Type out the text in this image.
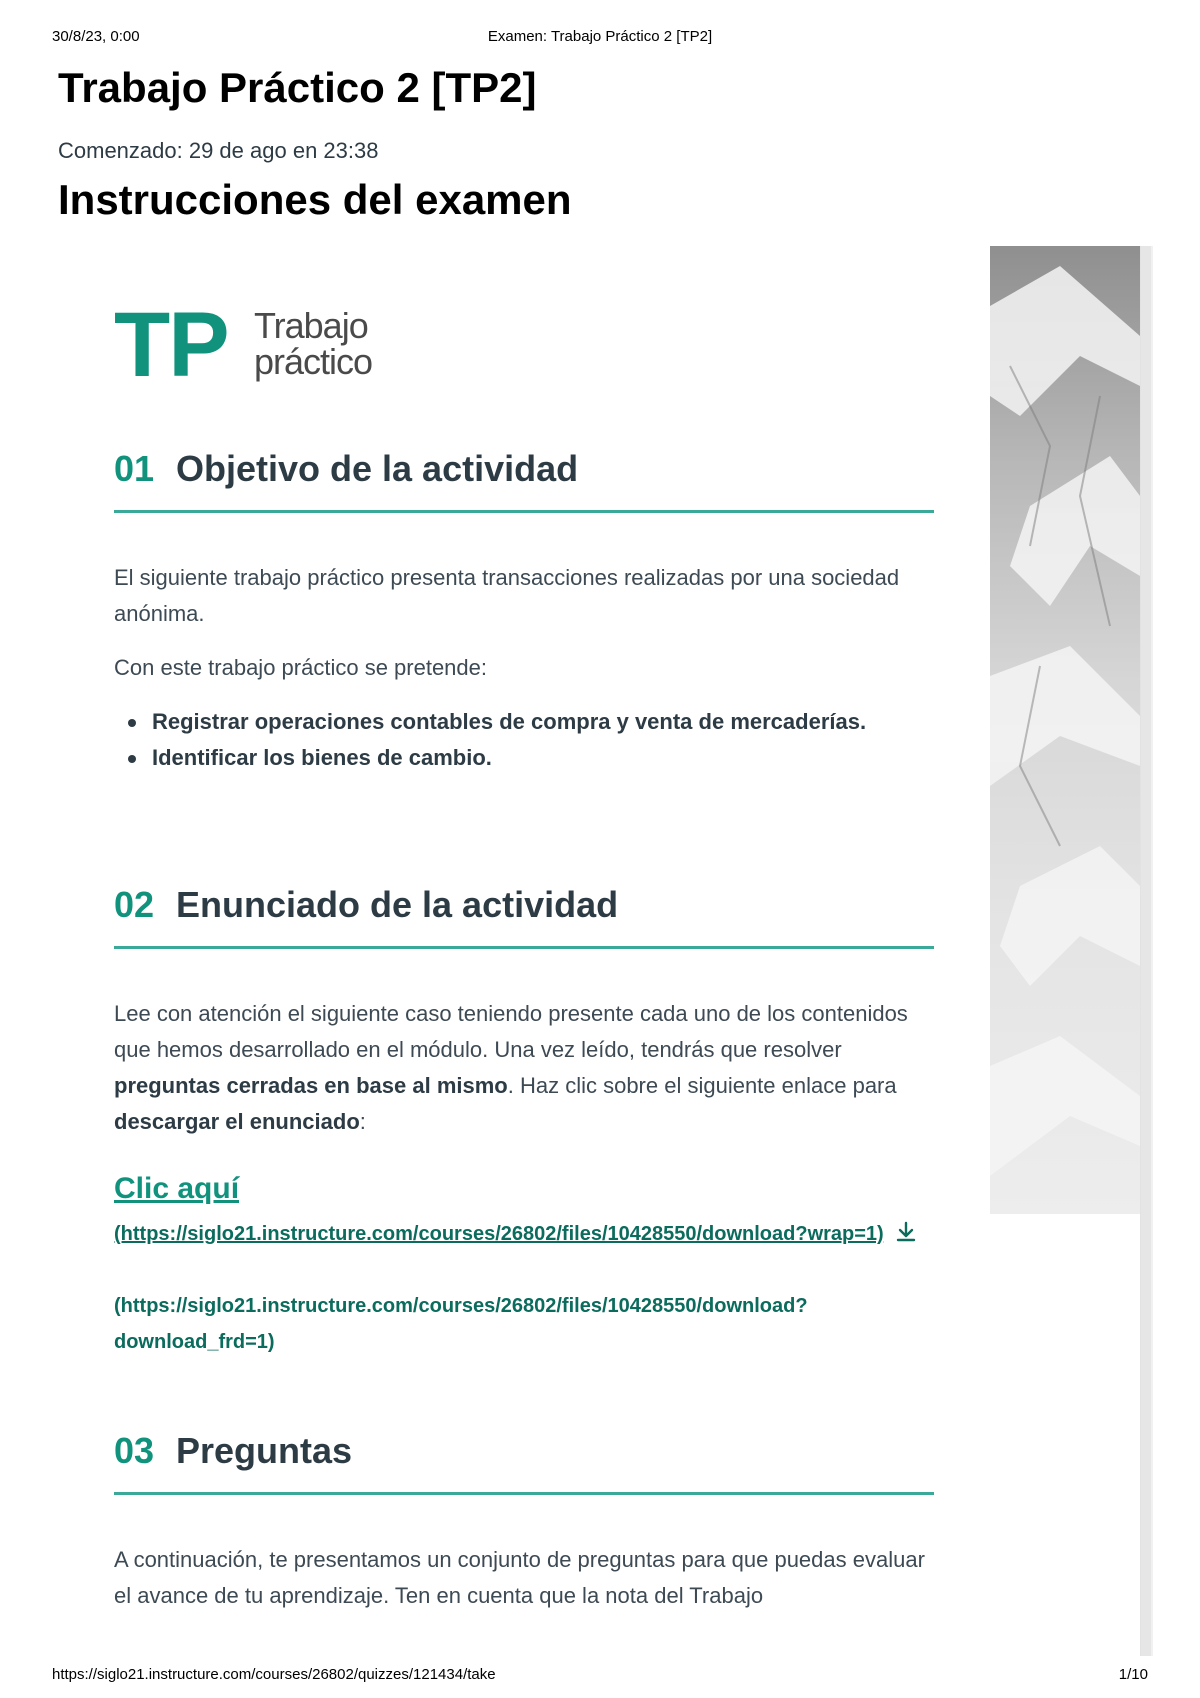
30/8/23, 0:00	Examen: Trabajo Práctico 2 [TP2]
Trabajo Práctico 2 [TP2]
Comenzado: 29 de ago en 23:38
Instrucciones del examen
TP Trabajo
práctico
01 Objetivo de la actividad
El siguiente trabajo práctico presenta transacciones realizadas por una sociedad anónima.
Con este trabajo práctico se pretende:
Registrar operaciones contables de compra y venta de mercaderías.
Identificar los bienes de cambio.
02 Enunciado de la actividad
Lee con atención el siguiente caso teniendo presente cada uno de los contenidos que hemos desarrollado en el módulo. Una vez leído, tendrás que resolver preguntas cerradas en base al mismo. Haz clic sobre el siguiente enlace para descargar el enunciado:
Clic aquí
(https://siglo21.instructure.com/courses/26802/files/10428550/download?wrap=1)
(https://siglo21.instructure.com/courses/26802/files/10428550/download?download_frd=1)
03 Preguntas
A continuación, te presentamos un conjunto de preguntas para que puedas evaluar el avance de tu aprendizaje. Ten en cuenta que la nota del Trabajo
https://siglo21.instructure.com/courses/26802/quizzes/121434/take	1/10
